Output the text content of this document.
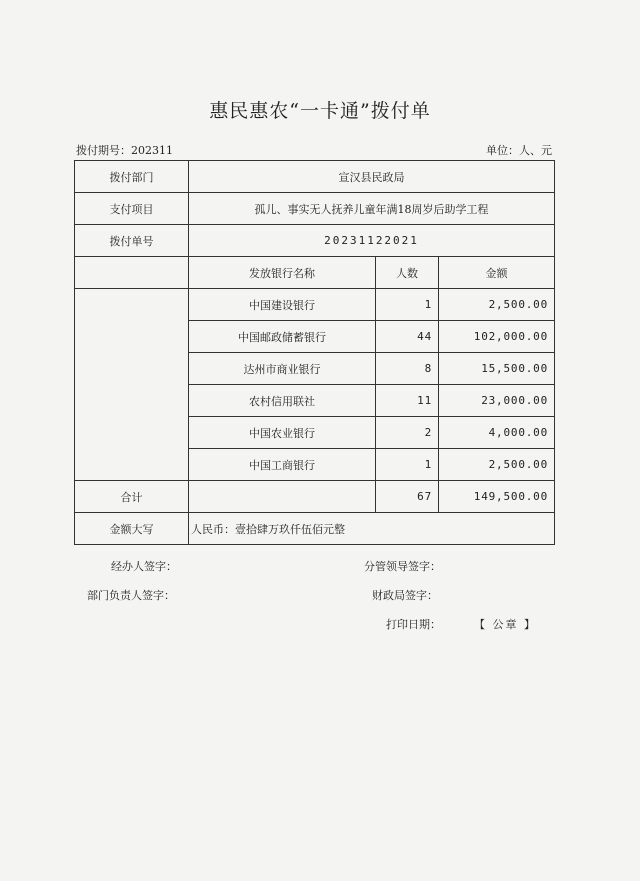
惠民惠农“一卡通”拨付单
拨付期号：202311	单位：人、元
拨付部门	宣汉县民政局		
支付项目	孤儿、事实无人抚养儿童年满18周岁后助学工程		
拨付单号	20231122021		
	发放银行名称	人数	金额
	中国建设银行	1	2,500.00
	中国邮政储蓄银行	44	102,000.00
	达州市商业银行	8	15,500.00
	农村信用联社	11	23,000.00
	中国农业银行	2	4,000.00
	中国工商银行	1	2,500.00
合计		67	149,500.00
金额大写	人民币：壹拾肆万玖仟伍佰元整		
经办人签字：	分管领导签字：
部门负责人签字：	财政局签字：
打印日期：	【 公章 】
